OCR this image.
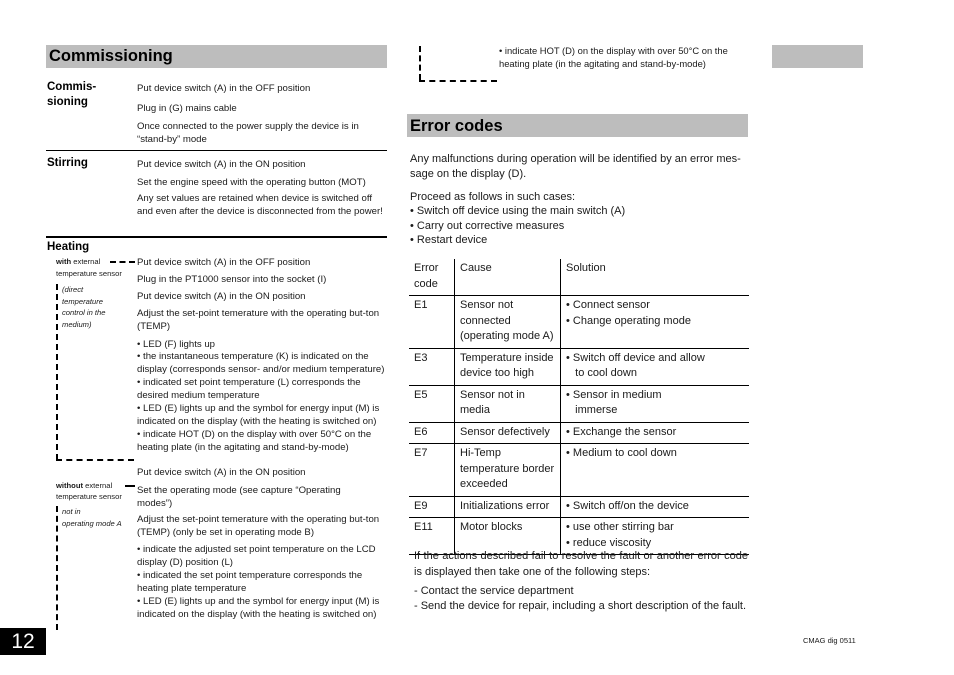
Commissioning
Commis-
sioning
Put device switch (A) in the OFF position
Plug in (G) mains cable
Once connected to the power supply the device is in “stand-by” mode
Stirring	Put device switch (A) in the ON position
Set the engine speed with the operating button (MOT)
Any set values are retained when device is switched off and even after the device is disconnected from the power!
Heating
with external
temperature sensor
(direct
temperature
control in the
medium)
Put device switch (A) in the OFF position
Plug in the PT1000 sensor into the socket (I)
Put device switch (A) in the ON position
Adjust the set-point temerature with the operating but-ton (TEMP)
• LED (F) lights up
• the instantaneous temperature (K) is indicated on the display (corresponds sensor- and/or medium temperature)
• indicated set point temperature (L) corresponds the desired medium temperature
• LED (E) lights up and the symbol for energy input (M) is indicated on the display (with the heating is switched on)
• indicate HOT (D) on the display with over 50°C on the heating plate (in the agitating and stand-by-mode)
without external
temperature sensor
not in
operating mode A
Put device switch (A) in the ON position
Set the operating mode (see capture “Operating modes”)
Adjust the set-point temerature with the operating but-ton (TEMP) (only be set in operating mode B)
• indicate the adjusted set point temperature on the LCD display (D) position (L)
• indicated the set point temperature corresponds the heating plate temperature
• LED (E) lights up and the symbol for energy input (M) is indicated on the display (with the heating is switched on)
• indicate HOT (D) on the display with over 50°C on the heating plate (in the agitating and stand-by-mode)
Error codes
Any malfunctions during operation will be identified by an error mes-sage on the display (D).
Proceed as follows in such cases:
• Switch off device using the main switch (A)
• Carry out corrective measures
• Restart device
Error
code	Cause	Solution
E1	Sensor not connected (operating mode A)	• Connect sensor
• Change operating mode
E3	Temperature inside device too high	• Switch off device and allow
to cool down
E5	Sensor not in media	• Sensor in medium
immerse
E6	Sensor defectively	• Exchange the sensor
E7	Hi-Temp temperature border exceeded	• Medium to cool down
E9	Initializations error	• Switch off/on the device
E11	Motor blocks	• use other stirring bar
• reduce viscosity
If the actions described fail to resolve the fault or another error code is displayed then take one of the following steps:
- Contact the service department
- Send the device for repair, including a short description of the fault.
CMAG dig 0511
12
